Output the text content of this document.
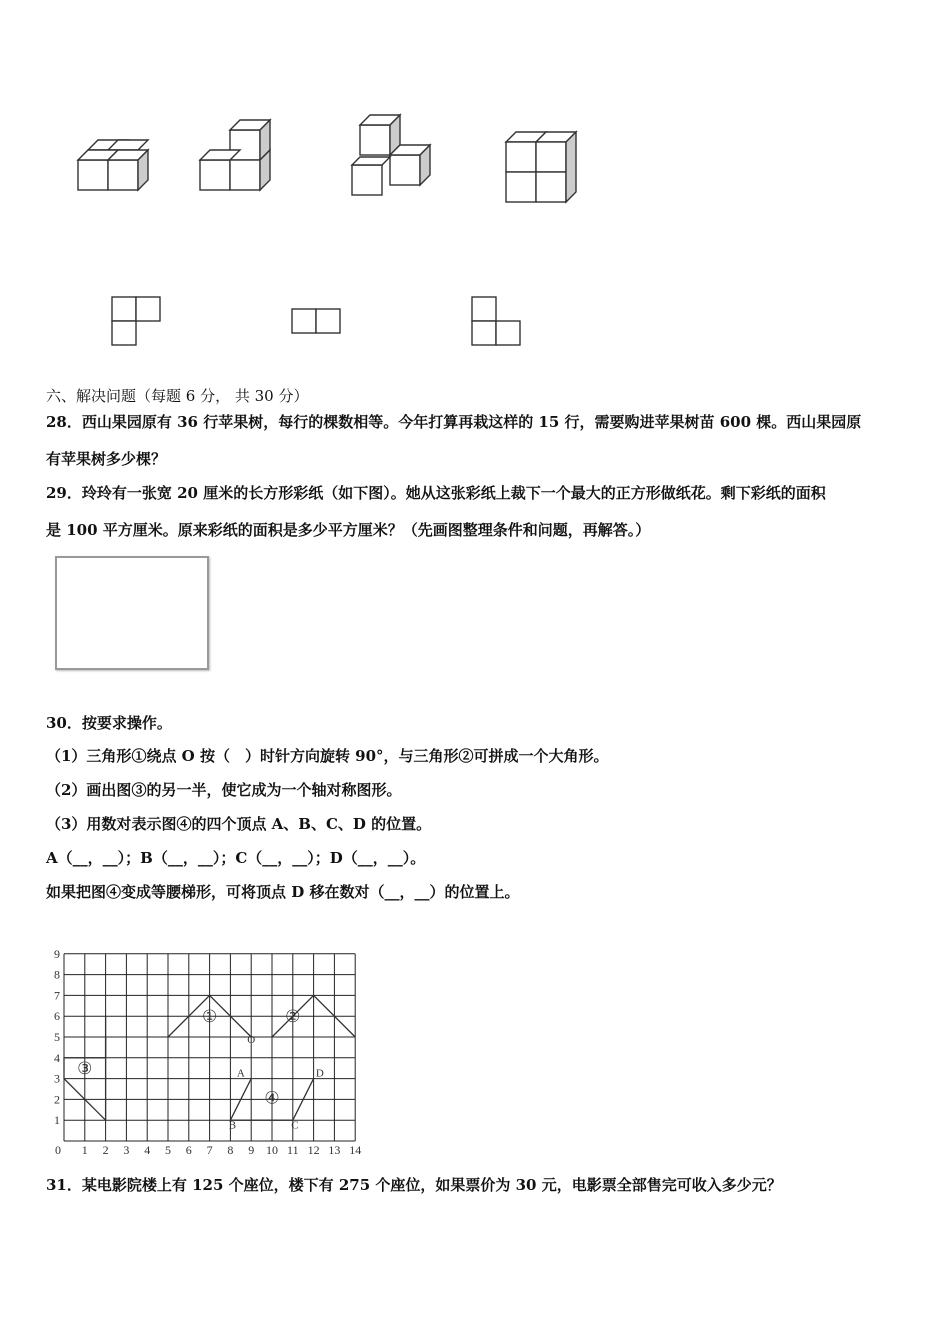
六、解决问题（每题 6 分， 共 30 分）
28．西山果园原有 36 行苹果树，每行的棵数相等。今年打算再栽这样的 15 行，需要购进苹果树苗 600 棵。西山果园原
有苹果树多少棵？
29．玲玲有一张宽 20 厘米的长方形彩纸（如下图）。她从这张彩纸上裁下一个最大的正方形做纸花。剩下彩纸的面积
是 100 平方厘米。原来彩纸的面积是多少平方厘米？（先画图整理条件和问题，再解答。）
30．按要求操作。
（1）三角形①绕点 O 按（　）时针方向旋转 90°，与三角形②可拼成一个大角形。
（2）画出图③的另一半，使它成为一个轴对称图形。
（3）用数对表示图④的四个顶点 A、B、C、D 的位置。
A（__，__）；B（__，__）；C（__，__）；D（__，__）。
如果把图④变成等腰梯形，可将顶点 D 移在数对（__，__）的位置上。
0 1 2 3 4 5 6 7 8 9 10 11 12 13 14
1
2
3
4
5
6
7
8
9
①	②
③
④
O
A
B	C
D
31．某电影院楼上有 125 个座位，楼下有 275 个座位，如果票价为 30 元，电影票全部售完可收入多少元？
